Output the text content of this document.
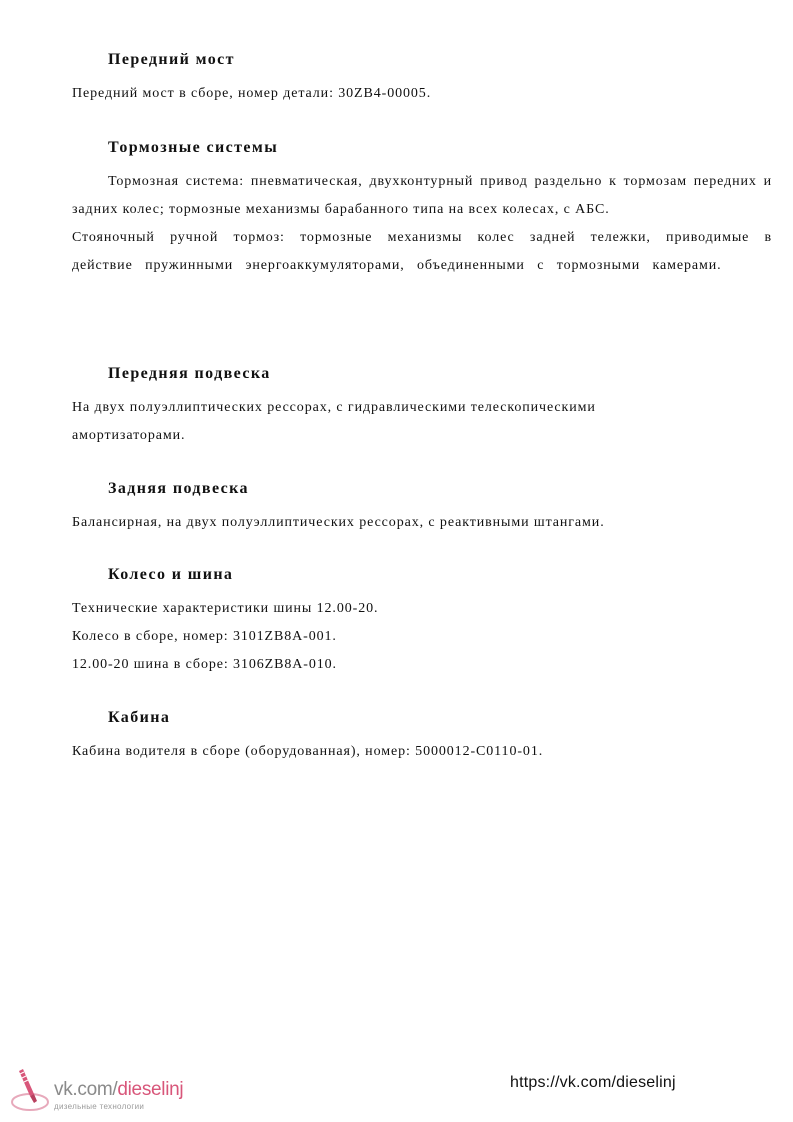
Передний мост

Передний мост в сборе, номер детали: 30ZB4-00005.

Тормозные системы

Тормозная система: пневматическая, двухконтурный привод раздельно к тормозам передних и задних колес; тормозные механизмы барабанного типа на всех колесах, с АБС.

Стояночный ручной тормоз: тормозные механизмы колес задней тележки, приводимые в действие пружинными энергоаккумуляторами, объединенными с тормозными камерами.

Передняя подвеска

На двух полуэллиптических рессорах, с гидравлическими телескопическими амортизаторами.

Задняя подвеска

Балансирная, на двух полуэллиптических рессорах, с реактивными штангами.

Колесо и шина

Технические характеристики шины 12.00-20.

Колесо в сборе, номер: 3101ZB8A-001.

12.00-20 шина в сборе: 3106ZB8A-010.

Кабина

Кабина водителя в сборе (оборудованная), номер: 5000012-C0110-01.

vk.com/dieselinj
дизельные технологии
https://vk.com/dieselinj
